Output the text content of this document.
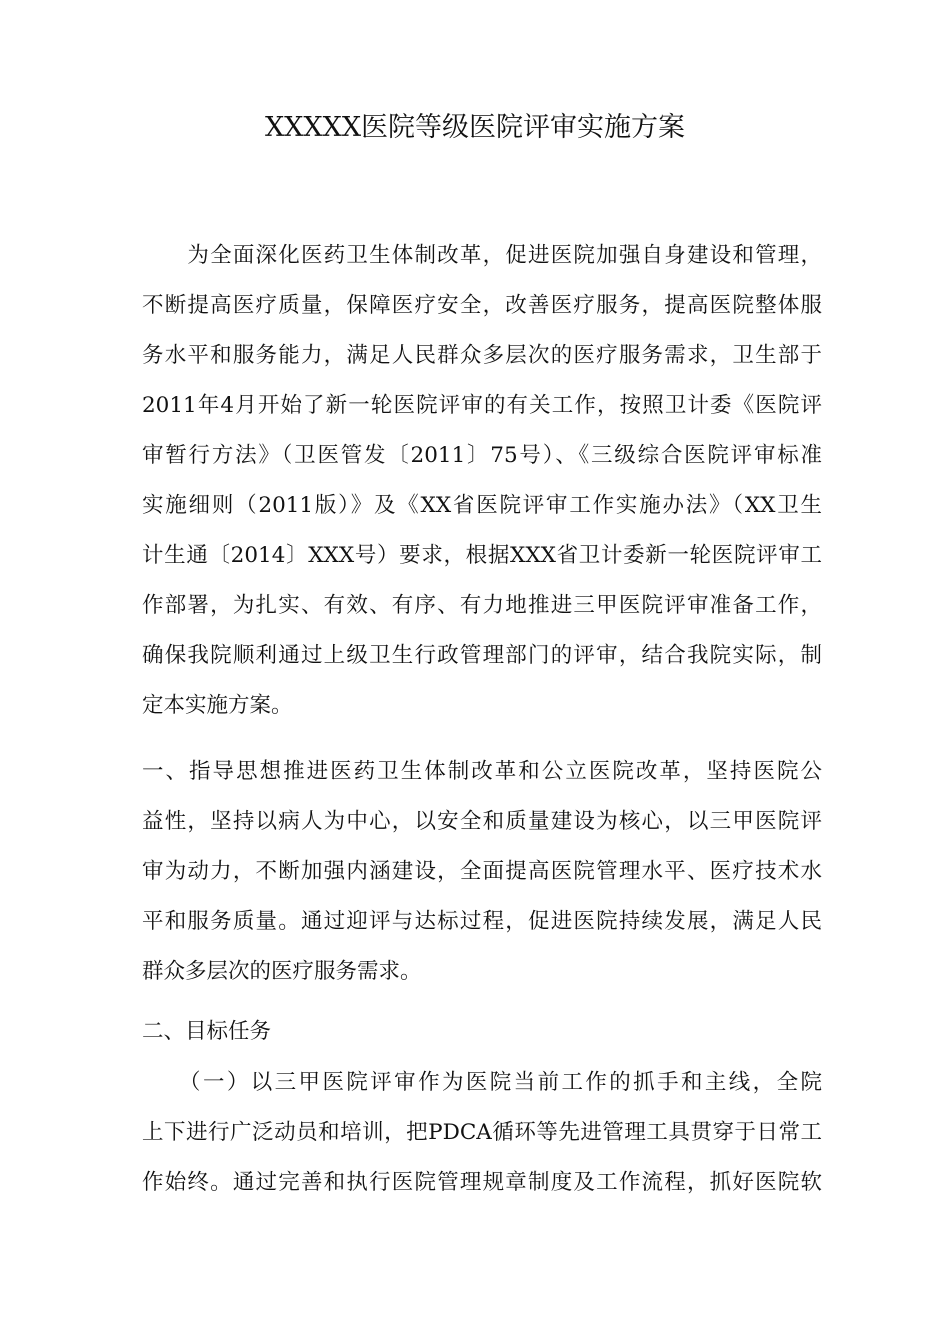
XXXXX医院等级医院评审实施方案

　　为全面深化医药卫生体制改革，促进医院加强自身建设和管理，

不断提高医疗质量，保障医疗安全，改善医疗服务，提高医院整体服

务水平和服务能力，满足人民群众多层次的医疗服务需求，卫生部于

2011年4月开始了新一轮医院评审的有关工作，按照卫计委《医院评

审暂行方法》（卫医管发〔2011〕75号）、《三级综合医院评审标准

实施细则（2011版）》及《XX省医院评审工作实施办法》（XX卫生

计生通〔2014〕XXX号）要求，根据XXX省卫计委新一轮医院评审工

作部署，为扎实、有效、有序、有力地推进三甲医院评审准备工作，

确保我院顺利通过上级卫生行政管理部门的评审，结合我院实际，制

定本实施方案。

一、指导思想推进医药卫生体制改革和公立医院改革，坚持医院公

益性，坚持以病人为中心，以安全和质量建设为核心，以三甲医院评

审为动力，不断加强内涵建设，全面提高医院管理水平、医疗技术水

平和服务质量。通过迎评与达标过程，促进医院持续发展，满足人民

群众多层次的医疗服务需求。

二、目标任务

　　（一）以三甲医院评审作为医院当前工作的抓手和主线，全院

上下进行广泛动员和培训，把PDCA循环等先进管理工具贯穿于日常工

作始终。通过完善和执行医院管理规章制度及工作流程，抓好医院软
